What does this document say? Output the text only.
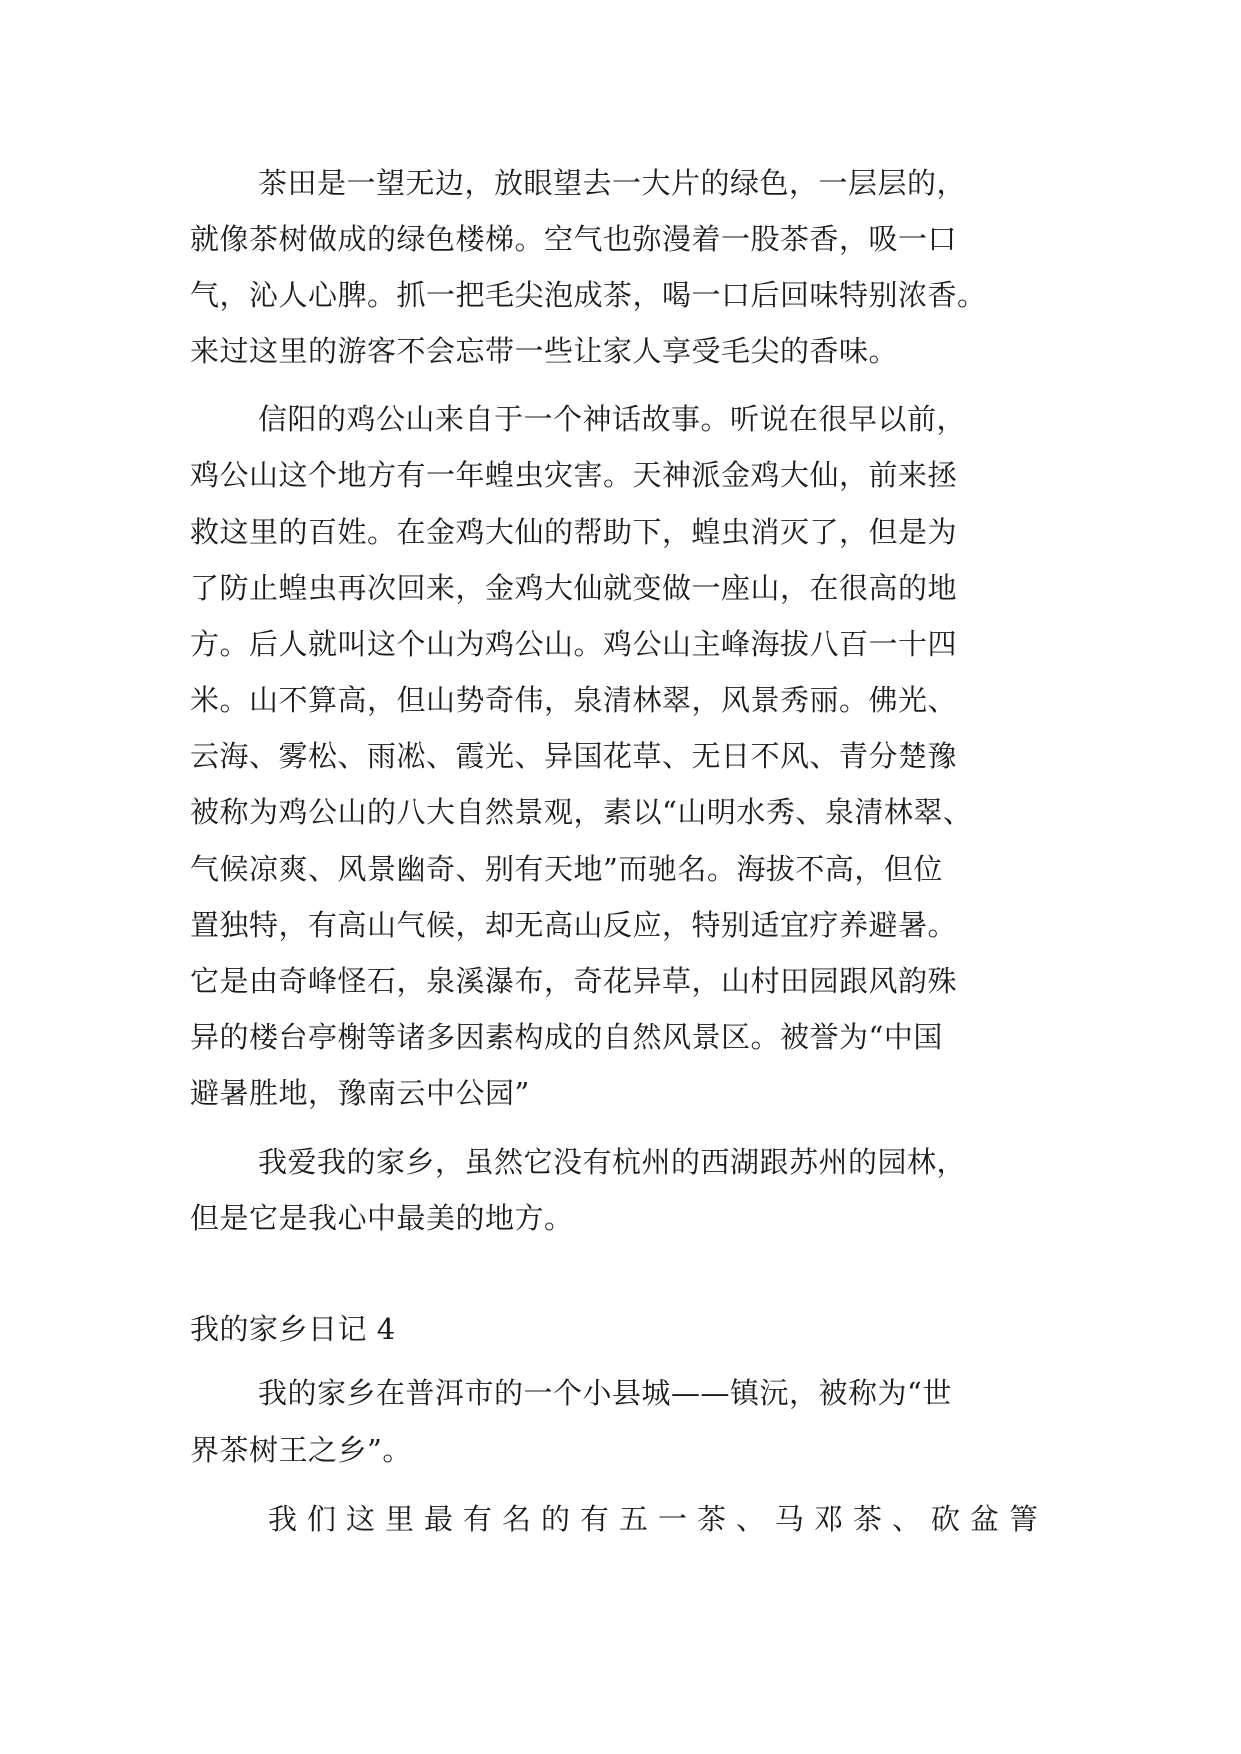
茶田是一望无边，放眼望去一大片的绿色，一层层的，
就像茶树做成的绿色楼梯。空气也弥漫着一股茶香，吸一口
气，沁人心脾。抓一把毛尖泡成茶，喝一口后回味特别浓香。
来过这里的游客不会忘带一些让家人享受毛尖的香味。
信阳的鸡公山来自于一个神话故事。听说在很早以前，
鸡公山这个地方有一年蝗虫灾害。天神派金鸡大仙，前来拯
救这里的百姓。在金鸡大仙的帮助下，蝗虫消灭了，但是为
了防止蝗虫再次回来，金鸡大仙就变做一座山，在很高的地
方。后人就叫这个山为鸡公山。鸡公山主峰海拔八百一十四
米。山不算高，但山势奇伟，泉清林翠，风景秀丽。佛光、
云海、雾松、雨凇、霞光、异国花草、无日不风、青分楚豫
被称为鸡公山的八大自然景观，素以“山明水秀、泉清林翠、
气候凉爽、风景幽奇、别有天地”而驰名。海拔不高，但位
置独特，有高山气候，却无高山反应，特别适宜疗养避暑。
它是由奇峰怪石，泉溪瀑布，奇花异草，山村田园跟风韵殊
异的楼台亭榭等诸多因素构成的自然风景区。被誉为“中国
避暑胜地，豫南云中公园”
我爱我的家乡，虽然它没有杭州的西湖跟苏州的园林，
但是它是我心中最美的地方。
我的家乡日记 4
我的家乡在普洱市的一个小县城——镇沅，被称为“世
界茶树王之乡”。
我们这里最有名的有五一茶、马邓茶、砍盆箐
